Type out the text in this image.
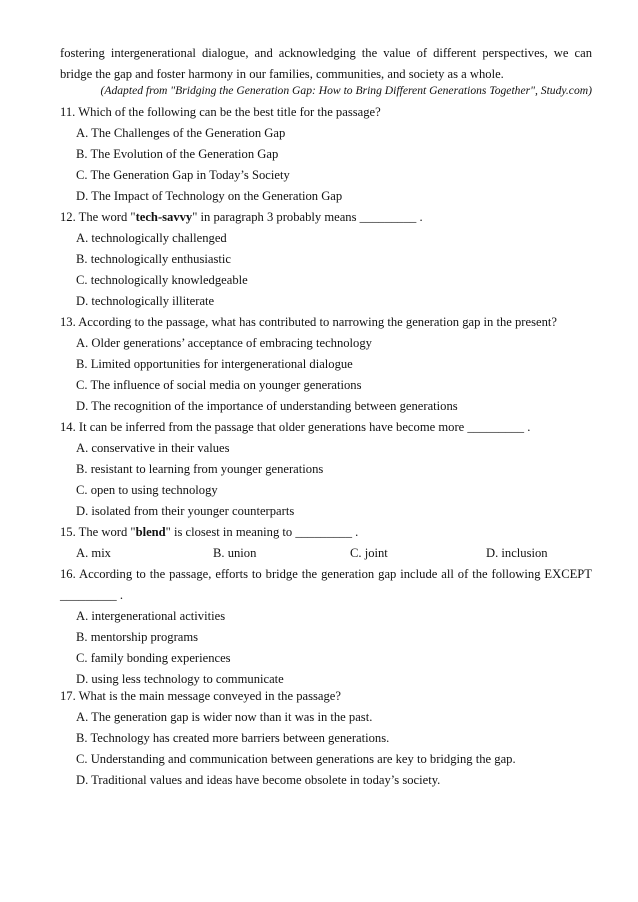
fostering intergenerational dialogue, and acknowledging the value of different perspectives, we can bridge the gap and foster harmony in our families, communities, and society as a whole.

(Adapted from "Bridging the Generation Gap: How to Bring Different Generations Together", Study.com)
11. Which of the following can be the best title for the passage?
A. The Challenges of the Generation Gap
B. The Evolution of the Generation Gap
C. The Generation Gap in Today’s Society
D. The Impact of Technology on the Generation Gap
12. The word "tech-savvy" in paragraph 3 probably means _________ .
A. technologically challenged
B. technologically enthusiastic
C. technologically knowledgeable
D. technologically illiterate
13. According to the passage, what has contributed to narrowing the generation gap in the present?
A. Older generations’ acceptance of embracing technology
B. Limited opportunities for intergenerational dialogue
C. The influence of social media on younger generations
D. The recognition of the importance of understanding between generations
14. It can be inferred from the passage that older generations have become more _________ .
A. conservative in their values
B. resistant to learning from younger generations
C. open to using technology
D. isolated from their younger counterparts
15. The word "blend" is closest in meaning to _________ .
A. mix	B. union	C. joint	D. inclusion
16. According to the passage, efforts to bridge the generation gap include all of the following EXCEPT _________ .
A. intergenerational activities
B. mentorship programs
C. family bonding experiences
D. using less technology to communicate
17. What is the main message conveyed in the passage?
A. The generation gap is wider now than it was in the past.
B. Technology has created more barriers between generations.
C. Understanding and communication between generations are key to bridging the gap.
D. Traditional values and ideas have become obsolete in today’s society.
